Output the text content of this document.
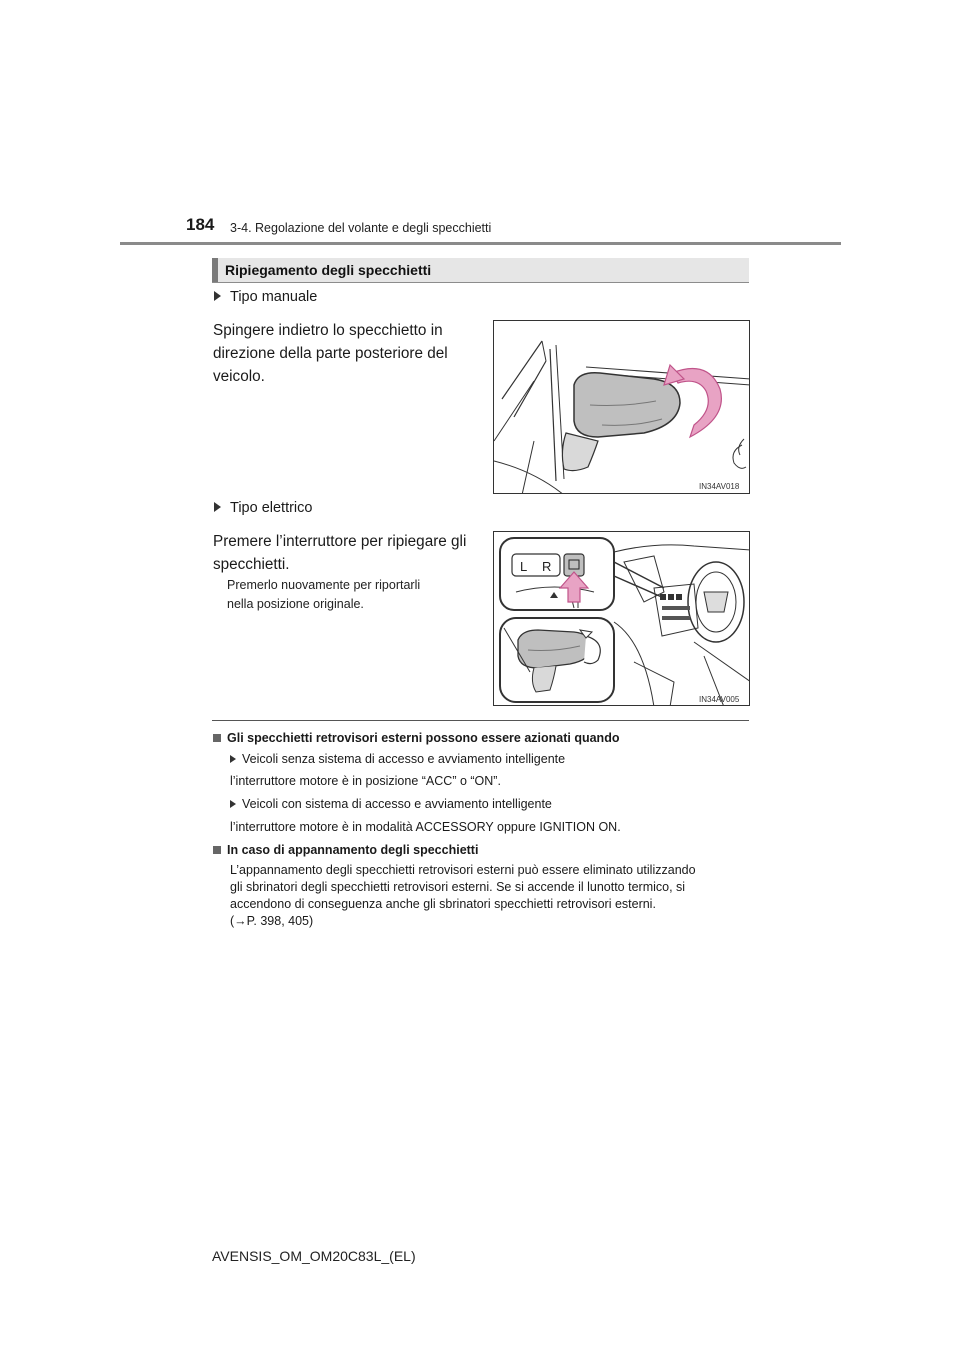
184 3-4. Regolazione del volante e degli specchietti
Ripiegamento degli specchietti
Tipo manuale
Spingere indietro lo specchietto in
direzione della parte posteriore del
veicolo.
IN34AV018
Tipo elettrico
Premere l’interruttore per ripiegare gli
specchietti.
Premerlo nuovamente per riportarli
nella posizione originale.
L R
IN34AV005
Gli specchietti retrovisori esterni possono essere azionati quando
Veicoli senza sistema di accesso e avviamento intelligente
l’interruttore motore è in posizione “ACC” o “ON”.
Veicoli con sistema di accesso e avviamento intelligente
l’interruttore motore è in modalità ACCESSORY oppure IGNITION ON.
In caso di appannamento degli specchietti
L’appannamento degli specchietti retrovisori esterni può essere eliminato utilizzando
gli sbrinatori degli specchietti retrovisori esterni. Se si accende il lunotto termico, si
accendono di conseguenza anche gli sbrinatori specchietti retrovisori esterni.
(→P. 398, 405)
AVENSIS_OM_OM20C83L_(EL)
